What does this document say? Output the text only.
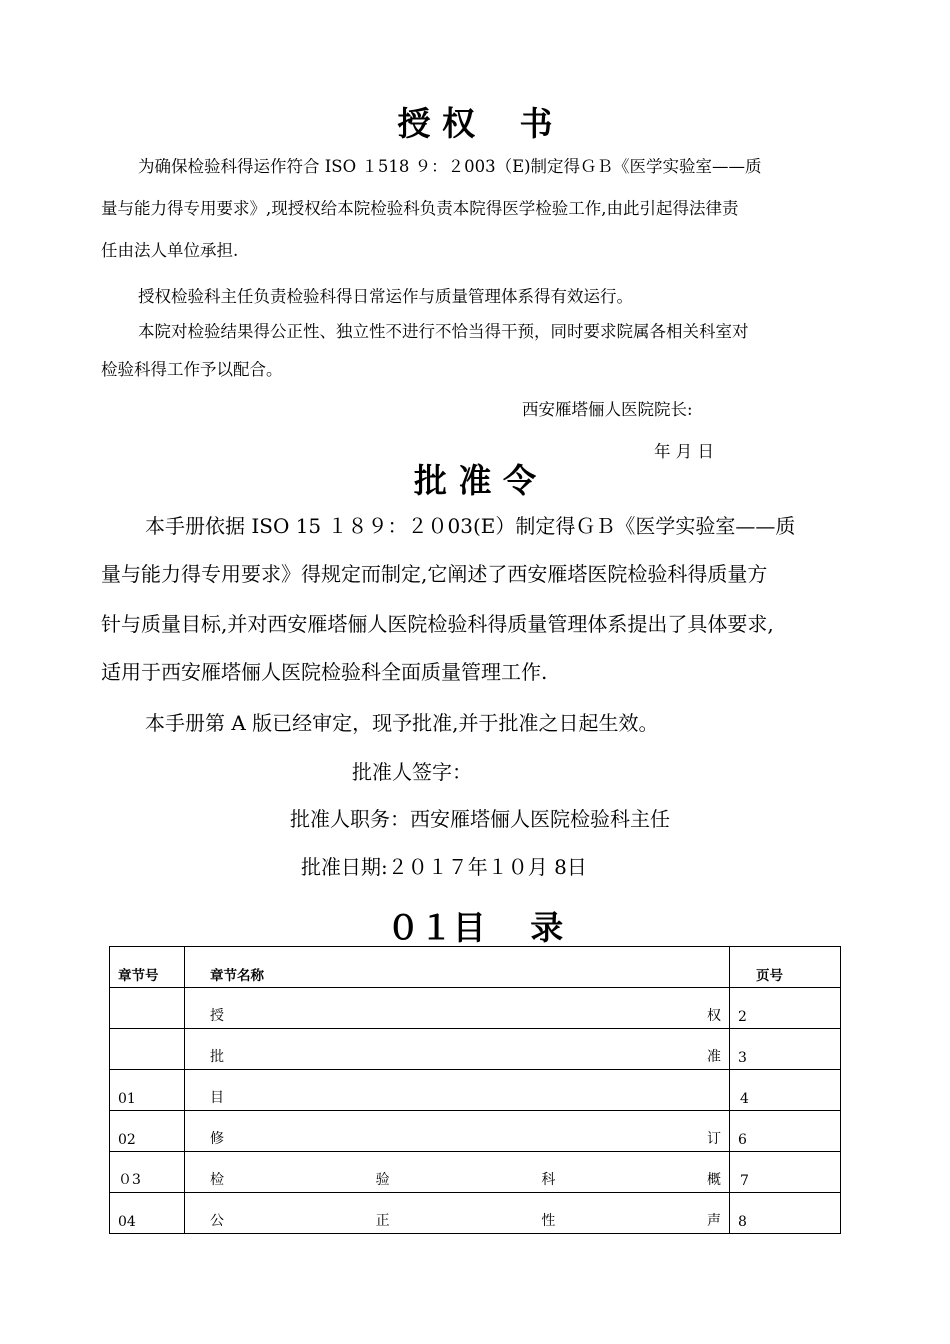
授 权　 书
为确保检验科得运作符合 ISO １518 ９：２003（E)制定得ＧＢ《医学实验室——质
量与能力得专用要求》,现授权给本院检验科负责本院得医学检验工作,由此引起得法律责
任由法人单位承担.
授权检验科主任负责检验科得日常运作与质量管理体系得有效运行。
本院对检验结果得公正性、独立性不进行不恰当得干预，同时要求院属各相关科室对
检验科得工作予以配合。
西安雁塔俪人医院院长:
年 月 日
批 准 令
本手册依据 ISO 15 １８９：２０03(E）制定得ＧＢ《医学实验室——质
量与能力得专用要求》得规定而制定,它阐述了西安雁塔医院检验科得质量方
针与质量目标,并对西安雁塔俪人医院检验科得质量管理体系提出了具体要求,
适用于西安雁塔俪人医院检验科全面质量管理工作.
本手册第 A 版已经审定，现予批准,并于批准之日起生效。
批准人签字：
批准人职务：西安雁塔俪人医院检验科主任
批准日期:２０１７年１０月 8日
０１目　 录
章节号	章节名称	页号

	授 权	2

	批 准	3

01	目	4

02	修 订	6

０3	检 验 科 概	7

04	公 正 性 声	8
